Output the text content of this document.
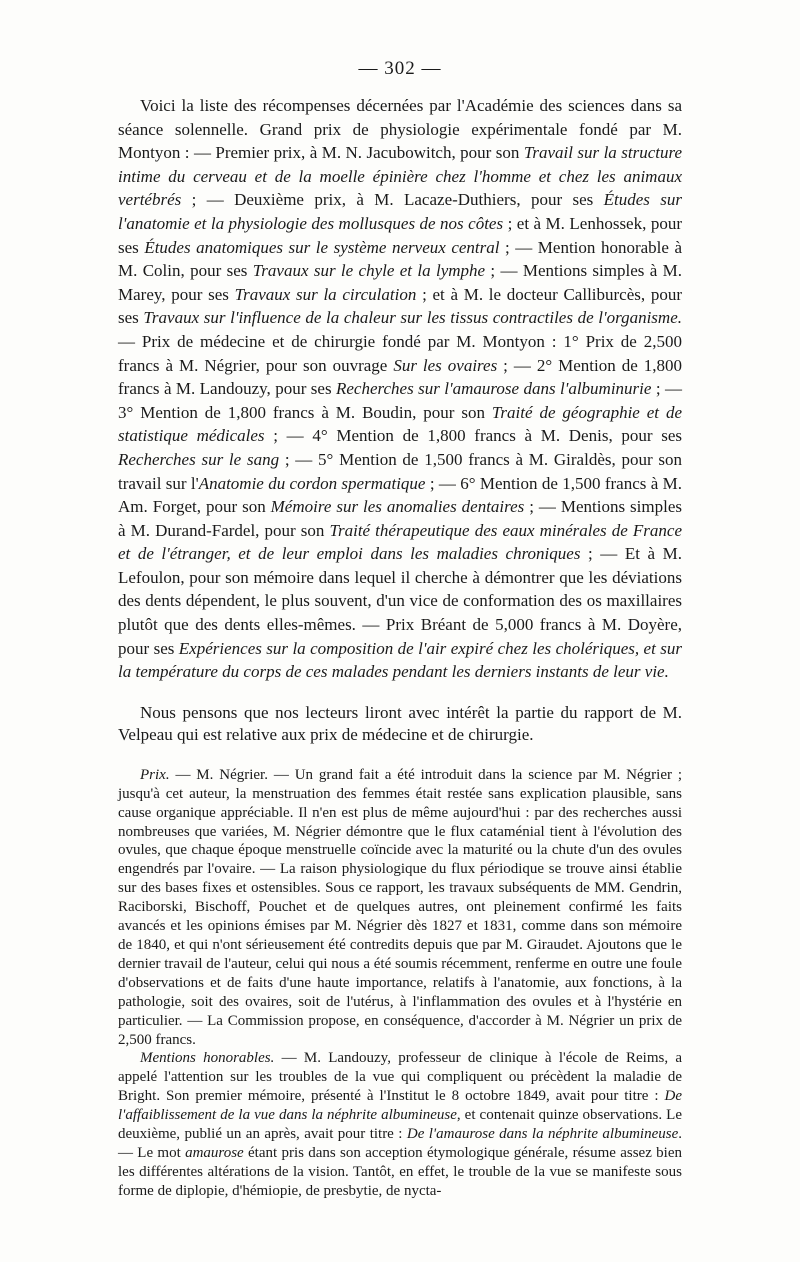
— 302 —

Voici la liste des récompenses décernées par l'Académie des sciences dans sa séance solennelle. Grand prix de physiologie expérimentale fondé par M. Montyon : — Premier prix, à M. N. Jacubowitch, pour son Travail sur la structure intime du cerveau et de la moelle épinière chez l'homme et chez les animaux vertébrés ; — Deuxième prix, à M. Lacaze-Duthiers, pour ses Études sur l'anatomie et la physiologie des mollusques de nos côtes ; et à M. Lenhossek, pour ses Études anatomiques sur le système nerveux central ; — Mention honorable à M. Colin, pour ses Travaux sur le chyle et la lymphe ; — Mentions simples à M. Marey, pour ses Travaux sur la circulation ; et à M. le docteur Calliburcès, pour ses Travaux sur l'influence de la chaleur sur les tissus contractiles de l'organisme. — Prix de médecine et de chirurgie fondé par M. Montyon : 1° Prix de 2,500 francs à M. Négrier, pour son ouvrage Sur les ovaires ; — 2° Mention de 1,800 francs à M. Landouzy, pour ses Recherches sur l'amaurose dans l'albuminurie ; — 3° Mention de 1,800 francs à M. Boudin, pour son Traité de géographie et de statistique médicales ; — 4° Mention de 1,800 francs à M. Denis, pour ses Recherches sur le sang ; — 5° Mention de 1,500 francs à M. Giraldès, pour son travail sur l'Anatomie du cordon spermatique ; — 6° Mention de 1,500 francs à M. Am. Forget, pour son Mémoire sur les anomalies dentaires ; — Mentions simples à M. Durand-Fardel, pour son Traité thérapeutique des eaux minérales de France et de l'étranger, et de leur emploi dans les maladies chroniques ; — Et à M. Lefoulon, pour son mémoire dans lequel il cherche à démontrer que les déviations des dents dépendent, le plus souvent, d'un vice de conformation des os maxillaires plutôt que des dents elles-mêmes. — Prix Bréant de 5,000 francs à M. Doyère, pour ses Expériences sur la composition de l'air expiré chez les cholériques, et sur la température du corps de ces malades pendant les derniers instants de leur vie.

Nous pensons que nos lecteurs liront avec intérêt la partie du rapport de M. Velpeau qui est relative aux prix de médecine et de chirurgie.

Prix. — M. Négrier. — Un grand fait a été introduit dans la science par M. Négrier ; jusqu'à cet auteur, la menstruation des femmes était restée sans explication plausible, sans cause organique appréciable. Il n'en est plus de même aujourd'hui : par des recherches aussi nombreuses que variées, M. Négrier démontre que le flux cataménial tient à l'évolution des ovules, que chaque époque menstruelle coïncide avec la maturité ou la chute d'un des ovules engendrés par l'ovaire. — La raison physiologique du flux périodique se trouve ainsi établie sur des bases fixes et ostensibles. Sous ce rapport, les travaux subséquents de MM. Gendrin, Raciborski, Bischoff, Pouchet et de quelques autres, ont pleinement confirmé les faits avancés et les opinions émises par M. Négrier dès 1827 et 1831, comme dans son mémoire de 1840, et qui n'ont sérieusement été contredits depuis que par M. Giraudet. Ajoutons que le dernier travail de l'auteur, celui qui nous a été soumis récemment, renferme en outre une foule d'observations et de faits d'une haute importance, relatifs à l'anatomie, aux fonctions, à la pathologie, soit des ovaires, soit de l'utérus, à l'inflammation des ovules et à l'hystérie en particulier. — La Commission propose, en conséquence, d'accorder à M. Négrier un prix de 2,500 francs.

Mentions honorables. — M. Landouzy, professeur de clinique à l'école de Reims, a appelé l'attention sur les troubles de la vue qui compliquent ou précèdent la maladie de Bright. Son premier mémoire, présenté à l'Institut le 8 octobre 1849, avait pour titre : De l'affaiblissement de la vue dans la néphrite albumineuse, et contenait quinze observations. Le deuxième, publié un an après, avait pour titre : De l'amaurose dans la néphrite albumineuse. — Le mot amaurose étant pris dans son acception étymologique générale, résume assez bien les différentes altérations de la vision. Tantôt, en effet, le trouble de la vue se manifeste sous forme de diplopie, d'hémiopie, de presbytie, de nycta-
